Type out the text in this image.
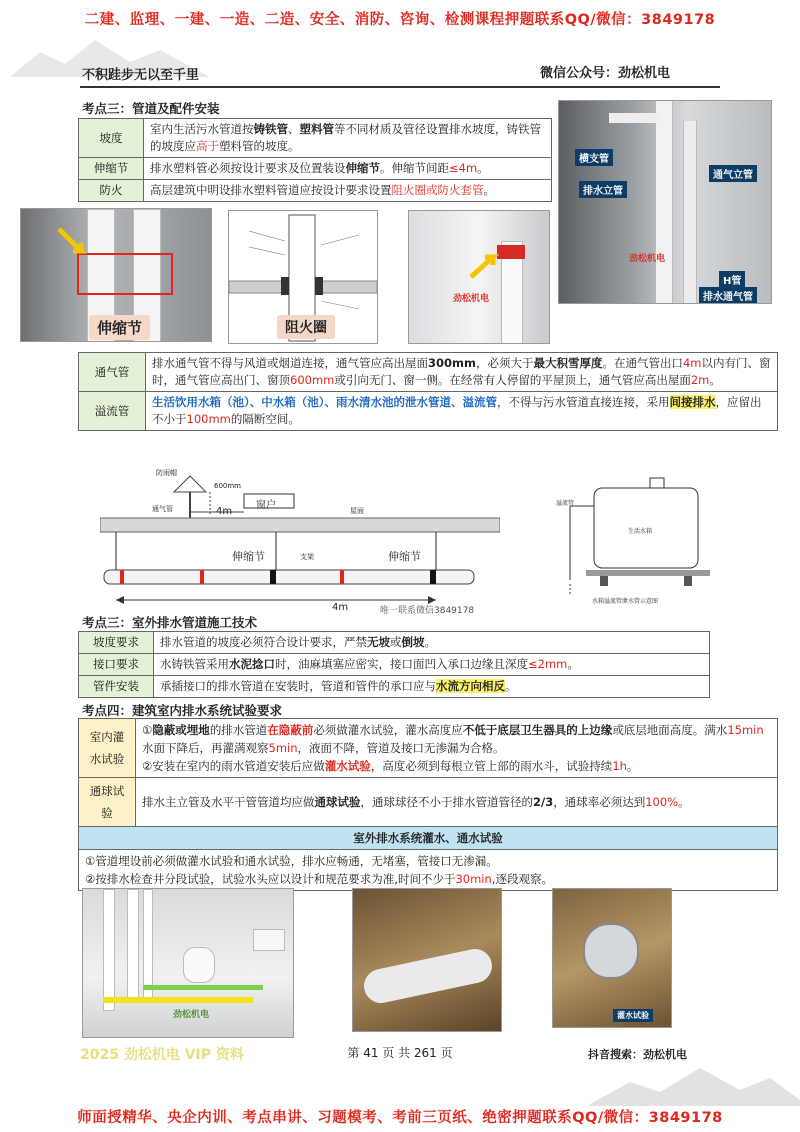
二建、监理、一建、一造、二造、安全、消防、咨询、检测课程押题联系QQ/微信：3849178
不积跬步无以至千里	微信公众号：劲松机电
考点三：管道及配件安装
坡度	室内生活污水管道按铸铁管、塑料管等不同材质及管径设置排水坡度，铸铁管的坡度应高于塑料管的坡度。
伸缩节	排水塑料管必须按设计要求及位置装设伸缩节。伸缩节间距≤4m。
防火	高层建筑中明设排水塑料管道应按设计要求设置阻火圈或防火套管。
横支管
排水立管
通气立管
H管
劲松机电
排水通气管
伸缩节	阻火圈
劲松机电
通气管	排水通气管不得与风道或烟道连接，通气管应高出屋面300mm，必须大于最大积雪厚度。在通气管出口4m以内有门、窗时，通气管应高出门、窗顶600mm或引向无门、窗一侧。在经常有人停留的平屋顶上，通气管应高出屋面2m。
溢流管	生活饮用水箱（池）、中水箱（池）、雨水清水池的泄水管道、溢流管，不得与污水管道直接连接，采用间接排水，应留出不小于100mm的隔断空间。
防雨帽
通气管
600mm
窗户
4m	屋面
伸缩节	支架	伸缩节
4m
溢流管
生活水箱
水箱溢流管泄水管示意图
考点三：室外排水管道施工技术
唯一联系微信3849178
坡度要求	排水管道的坡度必须符合设计要求，严禁无坡或倒坡。
接口要求	水铸铁管采用水泥捻口时，油麻填塞应密实，接口面凹入承口边缘且深度≤2mm。
管件安装	承插接口的排水管道在安装时，管道和管件的承口应与水流方向相反。
考点四：建筑室内排水系统试验要求
室内灌水试验	①隐蔽或埋地的排水管道在隐蔽前必须做灌水试验，灌水高度应不低于底层卫生器具的上边缘或底层地面高度。满水15min水面下降后，再灌满观察5min，液面不降，管道及接口无渗漏为合格。
②安装在室内的雨水管道安装后应做灌水试验，高度必须到每根立管上部的雨水斗，试验持续1h。
通球试验	排水主立管及水平干管管道均应做通球试验，通球球径不小于排水管道管径的2/3，通球率必须达到100%。
室外排水系统灌水、通水试验	
①管道埋设前必须做灌水试验和通水试验，排水应畅通，无堵塞，管接口无渗漏。
②按排水检查井分段试验，试验水头应以设计和规范要求为准,时间不少于30min,逐段观察。	
劲松机电	灌水试验
2025 劲松机电 VIP 资料	第 41 页 共 261 页	抖音搜索：劲松机电
师面授精华、央企内训、考点串讲、习题模考、考前三页纸、绝密押题联系QQ/微信：3849178
